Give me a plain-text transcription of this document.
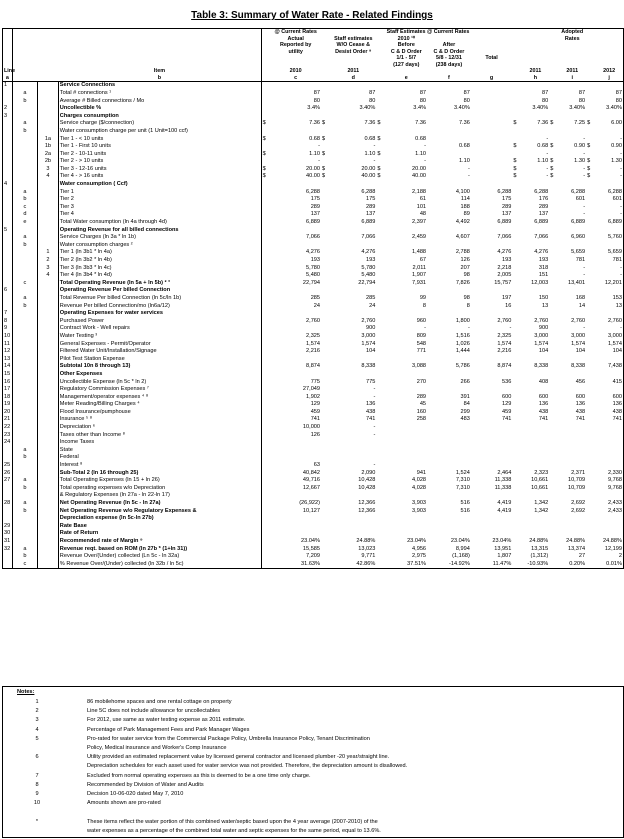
Table 3: Summary of Water Rate - Related Findings
					@ Current Rates				Staff Estimates @ Current Rates						Adopted		
					Actual		Staff estimates		2010 ¹⁰						Rates		
					Reported by		W/O Cease &		Before	After							
					utility		Desist Order ⁹		C & D Order	C & D Order							
									1/1 - 5/7	5/8 - 12/31	Total						
									(127 days)	(238 days)							
Line			Item		2010		2011						2011		2011		2012
a			b		c		d		e	f	g		h		i		j
1			Service Connections														
	a		Total # connections ¹		87		87		87	87			87		87		87
	b		Average # Billed connections / Mo		80		80		80	80			80		80		80
2			Uncollectible %		3.4%		3.40%		3.4%	3.40%			3.40%		3.40%		3.40%
3			Charges consumption														
	a		Service charge ($/connection)	$	7.36	$	7.36	$	7.36	7.36		$	7.36	$	7.25	$	6.00
	b		Water consumption charge per unit (1 Unit=100 ccf)														
		1a	Tier 1 - < 10 units	$	0.68	$	0.68	$	0.68				-		-		-
		1b	Tier 1 - First 10 units		-		-		-	0.68		$	0.68	$	0.90	$	0.90
		2a	Tier 2 - 10-11 units	$	1.10	$	1.10	$	1.10				-		-		-
		2b	Tier 2 - > 10 units		-		-		-	1.10		$	1.10	$	1.30	$	1.30
		3	Tier 3 - 12-16 units	$	20.00	$	20.00	$	20.00	-		$	-	$	-	$	-
		4	Tier 4 - > 16 units	$	40.00	$	40.00	$	40.00	-		$	-	$	-	$	-
4			Water consumption ( Ccf)														
	a		Tier 1		6,288		6,288		2,188	4,100	6,288		6,288		6,288		6,288
	b		Tier 2		175		175		61	114	175		176		601		601
	c		Tier 3		289		289		101	188	289		289		-		-
	d		Tier 4		137		137		48	89	137		137		-		-
	e		Total Water consumption (ln 4a through 4d)		6,889		6,889		2,397	4,492	6,889		6,889		6,889		6,889
5			Operating Revenue for all billed connections														
	a		Service Charges (ln 3a * ln 1b)		7,066		7,066		2,459	4,607	7,066		7,066		6,960		5,760
	b		Water consumption charges ²														
		1	Tier 1 (ln 3b1 * ln 4a)		4,276		4,276		1,488	2,788	4,276		4,276		5,659		5,659
		2	Tier 2 (ln 3b2 * ln 4b)		193		193		67	126	193		193		781		781
		3	Tier 3 (ln 3b3 * ln 4c)		5,780		5,780		2,011	207	2,218		318		-		-
		4	Tier 4 (ln 3b4 * ln 4d)		5,480		5,480		1,907	98	2,005		151		-		-
	c		Total Operating Revenue (ln 5a + ln 5b) ² ³		22,794		22,794		7,931	7,826	15,757		12,003		13,401		12,201
6			Operating Revenue Per billed Connection														
	a		Total Revenue Per billed Connection (ln 5c/ln 1b)		285		285		99	98	197		150		168		153
	b		Revenue Per billed Connection/mo (ln6a/12)		24		24		8	8	16		13		14		13
7			Operating Expenses for water services														
8			Purchased Power		2,760		2,760		960	1,800	2,760		2,760		2,760		2,760
9			Contract Work - Well repairs				900		-	-	-		900		-		-
10			Water Testing ³		2,325		3,000		809	1,516	2,325		3,000		3,000		3,000
11			General Expenses - Permit/Operator		1,574		1,574		548	1,026	1,574		1,574		1,574		1,574
12			Filtered Water Unit/Installation/Signage		2,216		104		771	1,444	2,216		104		104		104
13			Pilot Test Station Expense														
14			Subtotal 10n 8 through 13)		8,874		8,338		3,088	5,786	8,874		8,338		8,338		7,438
15			Other Expenses														
16			Uncollectible Expense (ln 5c * ln 2)		775		775		270	266	536		408		456		415
17			Regulatory Commission Expenses ⁷		27,049		-										
18			Management/operator expenses ⁴ ⁸		1,902		-		289	391	600		600		600		600
19			Meter Reading/Billing Charges ⁴		129		136		45	84	129		136		136		136
20			Flood Insurance/pumphouse		459		438		160	299	459		438		438		438
21			Insurance ⁵ ⁸		741		741		258	483	741		741		741		741
22			Depreciation ⁶		10,000		-										
23			Taxes other than Income ⁸		126		-										
24			Income Taxes														
	a		State														
	b		Federal														
25			Interest ⁸		63		-										
26			Sub-Total 2 (ln 16 through 25)		40,842		2,090		941	1,524	2,464		2,323		2,371		2,330
27	a		Total Operating Expenses (ln 15 + ln 26)		49,716		10,428		4,028	7,310	11,338		10,661		10,709		9,768
	b		Total operating expenses w/o Depreciation		12,667		10,428		4,028	7,310	11,338		10,661		10,709		9,768
			& Regulatory Expenses (ln 27a - ln 22-ln 17)														
28	a		Net Operating Revenue (ln 5c - ln 27a)		(26,922)		12,366		3,903	516	4,419		1,342		2,692		2,433
	b		Net Operating Revenue w/o Regulatory Expenses &		10,127		12,366		3,903	516	4,419		1,342		2,692		2,433
			Depreciation expense (ln 5c-ln 27b)														
29			Rate Base														
30			Rate of Return														
31			Recommended rate of Margin ⁹		23.04%		24.88%		23.04%	23.04%	23.04%		24.88%		24.88%		24.88%
32	a		Revenue reqt. based on ROM (ln 27b * (1+ln 31))		15,585		13,023		4,956	8,994	13,951		13,315		13,374		12,199
	b		Revenue Over/(Under) collected (Ln 5c - ln 32a)		7,209		9,771		2,975	(1,168)	1,807		(1,312)		27		2
	c		% Revenue Over/(Under) collected (ln 32b / ln 5c)		31.63%		42.86%		37.51%	-14.92%	11.47%		-10.93%		0.20%		0.01%
Notes:
1	86 mobilehome spaces and one rental cottage on property
2	Line 5C does not include allowance for uncollectables
3	For 2012, use same as water testing expense as 2011 estimate.
4	Percentage of Park Management Fees and Park Manager Wages
5	Pro-rated for water service from the Commercial Package Policy, Umbrella Insurance Policy, Tenant Discrimination
Policy, Medical insurance and Worker's Comp Insurance
6	Utility provided an estimated replacement value by licensed general contractor and licensed plumber -20 year/straight line.
Depreciation schedules for each asset used for water service was not provided. Therefore, the depreciation amount is disallowed.
7	Excluded from normal operating expenses as this is deemed to be a one time only charge.
8	Recommended by Division of Water and Audits
9	Decision 10-06-020 dated May 7, 2010
10	Amounts shown are pro-rated
*	These items reflect the water portion of this combined water/septic based upon the 4 year average (2007-2010) of the
water expenses as a percentage of the combined total water and septic expenses for the same period, equal to 13.6%.
